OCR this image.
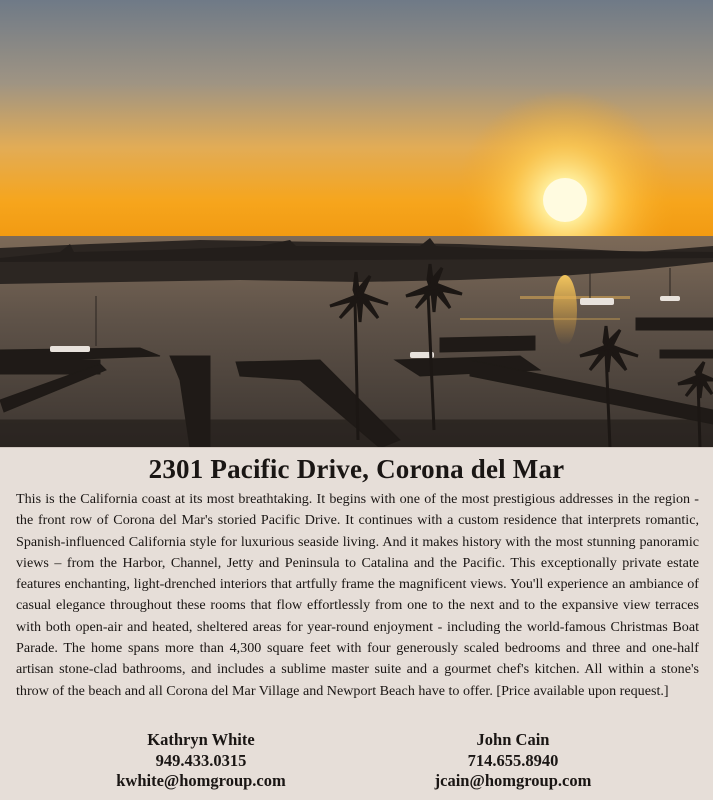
2301 Pacific Drive, Corona del Mar
This is the California coast at its most breathtaking. It begins with one of the most prestigious addresses in the region - the front row of Corona del Mar's storied Pacific Drive. It continues with a custom residence that interprets romantic, Spanish-influenced California style for luxurious seaside living. And it makes history with the most stunning panoramic views – from the Harbor, Channel, Jetty and Peninsula to Catalina and the Pacific. This exceptionally private estate features enchanting, light-drenched interiors that artfully frame the magnificent views. You'll experience an ambiance of casual elegance throughout these rooms that flow effortlessly from one to the next and to the expansive view terraces with both open-air and heated, sheltered areas for year-round enjoyment - including the world-famous Christmas Boat Parade. The home spans more than 4,300 square feet with four generously scaled bedrooms and three and one-half artisan stone-clad bathrooms, and includes a sublime master suite and a gourmet chef's kitchen. All within a stone's throw of the beach and all Corona del Mar Village and Newport Beach have to offer. [Price available upon request.]
Kathryn White
949.433.0315
kwhite@homgroup.com
John Cain
714.655.8940
jcain@homgroup.com
